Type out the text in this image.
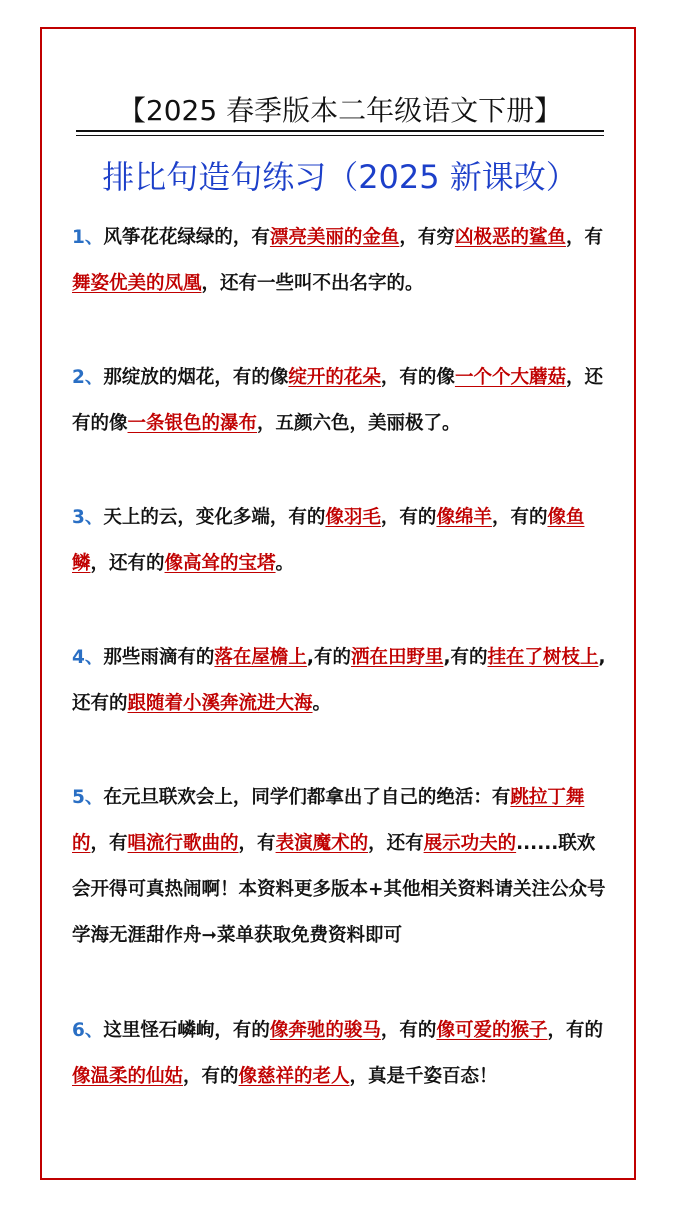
【2025 春季版本二年级语文下册】
排比句造句练习（2025 新课改）
1、风筝花花绿绿的，有漂亮美丽的金鱼，有穷凶极恶的鲨鱼，有舞姿优美的凤凰，还有一些叫不出名字的。
2、那绽放的烟花，有的像绽开的花朵，有的像一个个大蘑菇，还有的像一条银色的瀑布，五颜六色，美丽极了。
3、天上的云，变化多端，有的像羽毛，有的像绵羊，有的像鱼鳞，还有的像高耸的宝塔。
4、那些雨滴有的落在屋檐上,有的洒在田野里,有的挂在了树枝上,还有的跟随着小溪奔流进大海。
5、在元旦联欢会上，同学们都拿出了自己的绝活：有跳拉丁舞的，有唱流行歌曲的，有表演魔术的，还有展示功夫的......联欢会开得可真热闹啊！本资料更多版本+其他相关资料请关注公众号学海无涯甜作舟➞菜单获取免费资料即可
6、这里怪石嶙峋，有的像奔驰的骏马，有的像可爱的猴子，有的像温柔的仙姑，有的像慈祥的老人，真是千姿百态！
